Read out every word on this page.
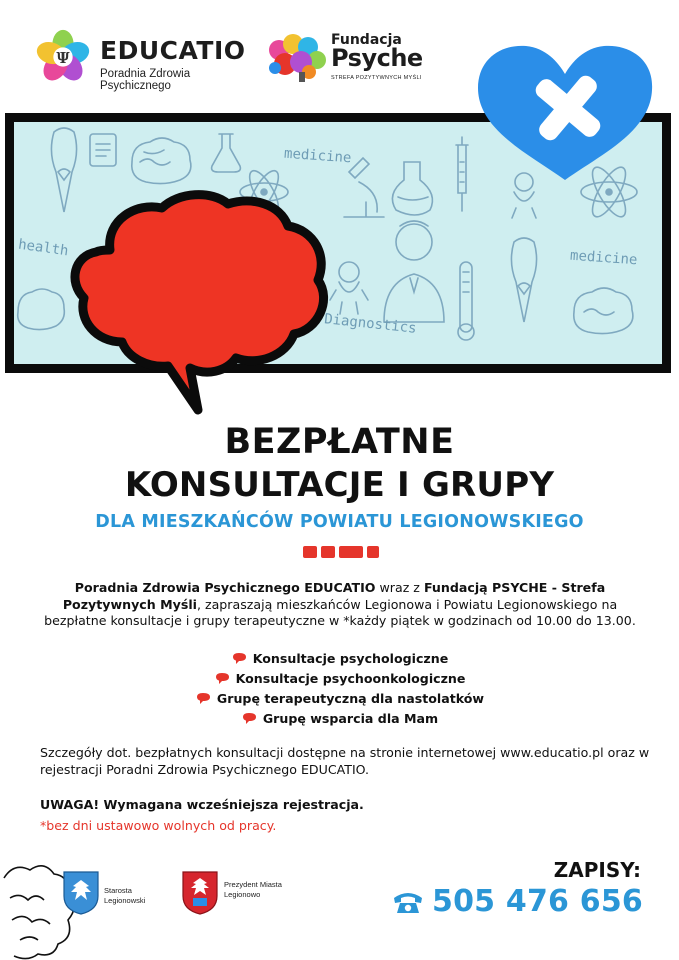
Ψ EDUCATIO
Poradnia Zdrowia Psychicznego
Fundacja
Psyche
STREFA POZYTYWNYCH MYŚLI
medicine
medicine
health
Diagnostics
BEZPŁATNE
KONSULTACJE I GRUPY
DLA MIESZKAŃCÓW POWIATU LEGIONOWSKIEGO
Poradnia Zdrowia Psychicznego EDUCATIO wraz z Fundacją PSYCHE - Strefa Pozytywnych Myśli, zapraszają mieszkańców Legionowa i Powiatu Legionowskiego na bezpłatne konsultacje i grupy terapeutyczne w *każdy piątek w godzinach od 10.00 do 13.00.
Konsultacje psychologiczne
Konsultacje psychoonkologiczne
Grupę terapeutyczną dla nastolatków
Grupę wsparcia dla Mam
Szczegóły dot. bezpłatnych konsultacji dostępne na stronie internetowej www.educatio.pl oraz w rejestracji Poradni Zdrowia Psychicznego EDUCATIO.
UWAGA! Wymagana wcześniejsza rejestracja.
*bez dni ustawowo wolnych od pracy.
Starosta Legionowski
Prezydent Miasta Legionowo
ZAPISY:
505 476 656
